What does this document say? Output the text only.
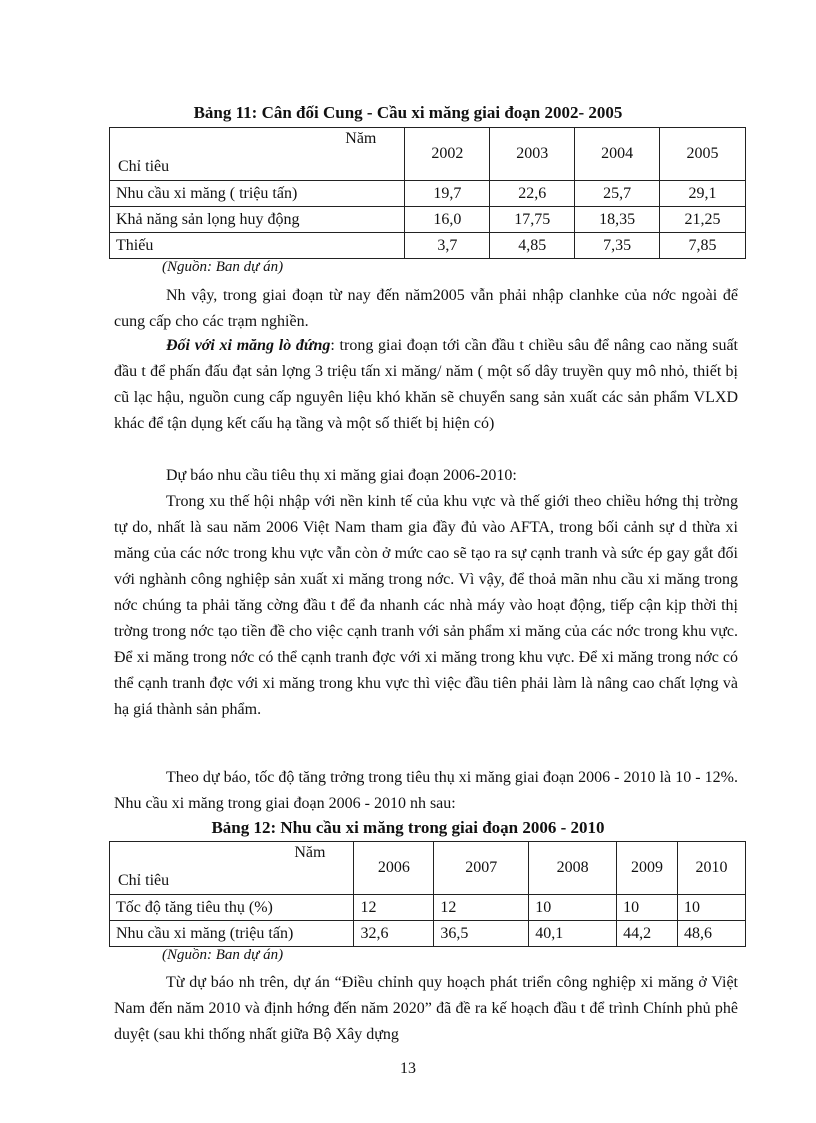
Bảng 11: Cân đối Cung - Cầu xi măng giai đoạn 2002- 2005
Năm
Chỉ tiêu	2002	2003	2004	2005
Nhu cầu xi măng ( triệu tấn)	19,7	22,6	25,7	29,1
Khả năng sản lọng huy động	16,0	17,75	18,35	21,25
Thiếu	3,7	4,85	7,35	7,85
(Nguồn: Ban dự án)

Nh vậy, trong giai đoạn từ nay đến năm2005 vẫn phải nhập clanhke của nớc ngoài để cung cấp cho các trạm nghiền.

Đối với xi măng lò đứng: trong giai đoạn tới cần đầu t chiều sâu để nâng cao năng suất đầu t để phấn đấu đạt sản lợng 3 triệu tấn xi măng/ năm ( một số dây truyền quy mô nhỏ, thiết bị cũ lạc hậu, nguồn cung cấp nguyên liệu khó khăn sẽ chuyển sang sản xuất các sản phẩm VLXD khác để tận dụng kết cấu hạ tầng và một số thiết bị hiện có)

Dự báo nhu cầu tiêu thụ xi măng giai đoạn 2006-2010:

Trong xu thế hội nhập với nền kinh tế của khu vực và thế giới theo chiều hớng thị trờng tự do, nhất là sau năm 2006 Việt Nam tham gia đầy đủ vào AFTA, trong bối cảnh sự d thừa xi măng của các nớc trong khu vực vẫn còn ở mức cao sẽ tạo ra sự cạnh tranh và sức ép gay gắt đối với nghành công nghiệp sản xuất xi măng trong nớc. Vì vậy, để thoả mãn nhu cầu xi măng trong nớc chúng ta phải tăng cờng đầu t để đa nhanh các nhà máy vào hoạt động, tiếp cận kịp thời thị trờng trong nớc tạo tiền đề cho việc cạnh tranh với sản phẩm xi măng của các nớc trong khu vực. Để xi măng trong nớc có thể cạnh tranh đợc với xi măng trong khu vực. Để xi măng trong nớc có thể cạnh tranh đợc với xi măng trong khu vực thì việc đầu tiên phải làm là nâng cao chất lợng và hạ giá thành sản phẩm.

Theo dự báo, tốc độ tăng trởng trong tiêu thụ xi măng giai đoạn 2006 - 2010 là 10 - 12%. Nhu cầu xi măng trong giai đoạn 2006 - 2010 nh sau:

Bảng 12: Nhu cầu xi măng trong giai đoạn 2006 - 2010
Năm
Chỉ tiêu	2006	2007	2008	2009	2010
Tốc độ tăng tiêu thụ (%)	12	12	10	10	10
Nhu cầu xi măng (triệu tấn)	32,6	36,5	40,1	44,2	48,6
(Nguồn: Ban dự án)

Từ dự báo nh trên, dự án “Điều chỉnh quy hoạch phát triển công nghiệp xi măng ở Việt Nam đến năm 2010 và định hớng đến năm 2020” đã đề ra kế hoạch đầu t để trình Chính phủ phê duyệt (sau khi thống nhất giữa Bộ Xây dựng

13
